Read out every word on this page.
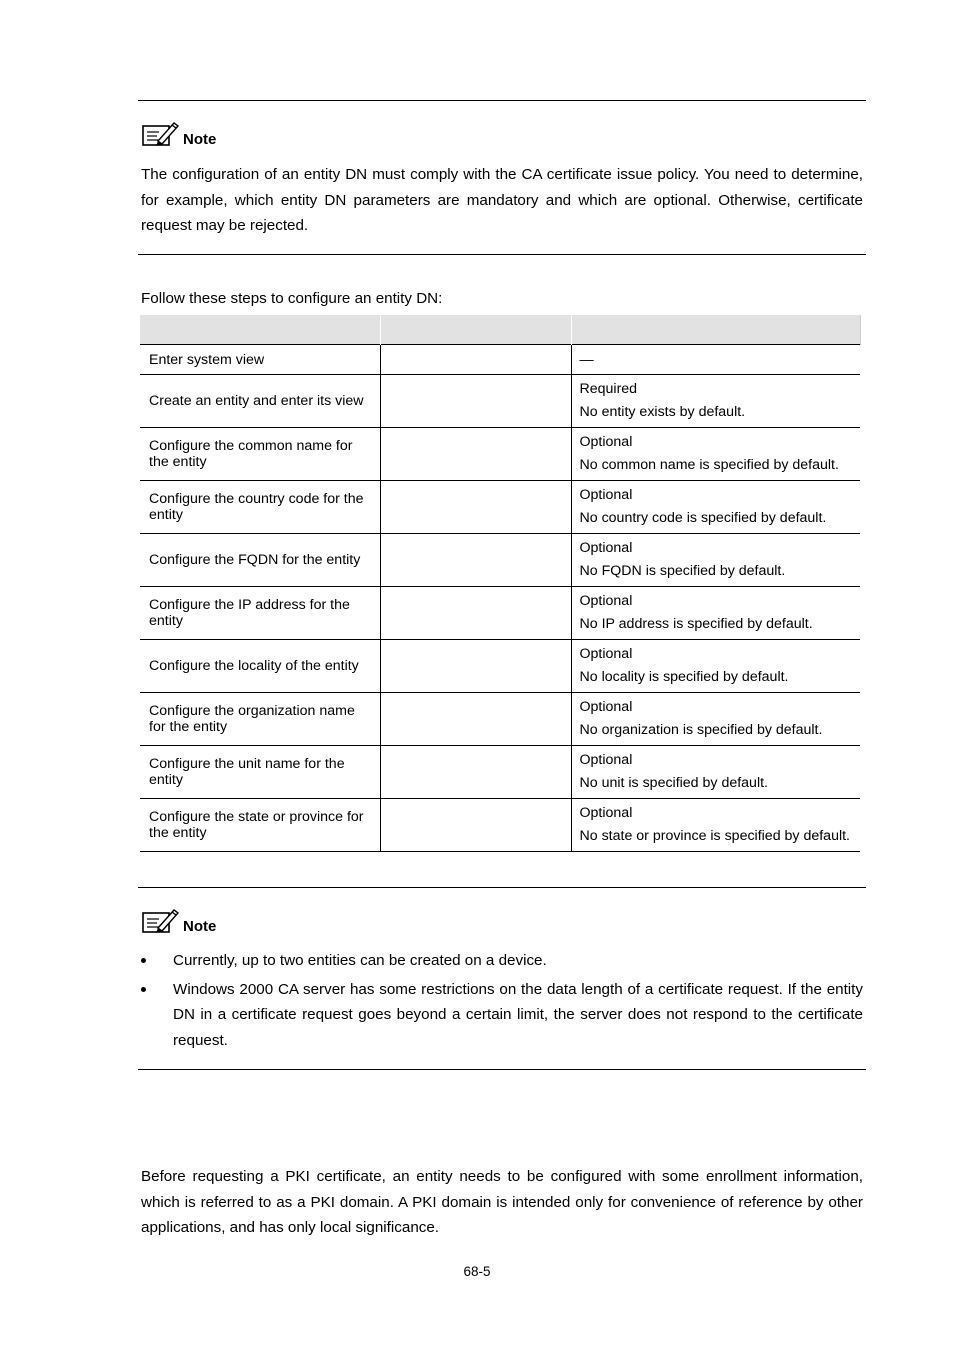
Note
The configuration of an entity DN must comply with the CA certificate issue policy. You need to determine, for example, which entity DN parameters are mandatory and which are optional. Otherwise, certificate request may be rejected.
Follow these steps to configure an entity DN:

Enter system view		—
Create an entity and enter its view		Required
No entity exists by default.

Configure the common name for the entity		Optional
No common name is specified by default.

Configure the country code for the entity		Optional
No country code is specified by default.

Configure the FQDN for the entity		Optional
No FQDN is specified by default.

Configure the IP address for the entity		Optional
No IP address is specified by default.

Configure the locality of the entity		Optional
No locality is specified by default.

Configure the organization name for the entity		Optional
No organization is specified by default.

Configure the unit name for the entity		Optional
No unit is specified by default.

Configure the state or province for the entity		Optional
No state or province is specified by default.
Note
Currently, up to two entities can be created on a device.
Windows 2000 CA server has some restrictions on the data length of a certificate request. If the entity DN in a certificate request goes beyond a certain limit, the server does not respond to the certificate request.
Before requesting a PKI certificate, an entity needs to be configured with some enrollment information, which is referred to as a PKI domain. A PKI domain is intended only for convenience of reference by other applications, and has only local significance.
68-5
